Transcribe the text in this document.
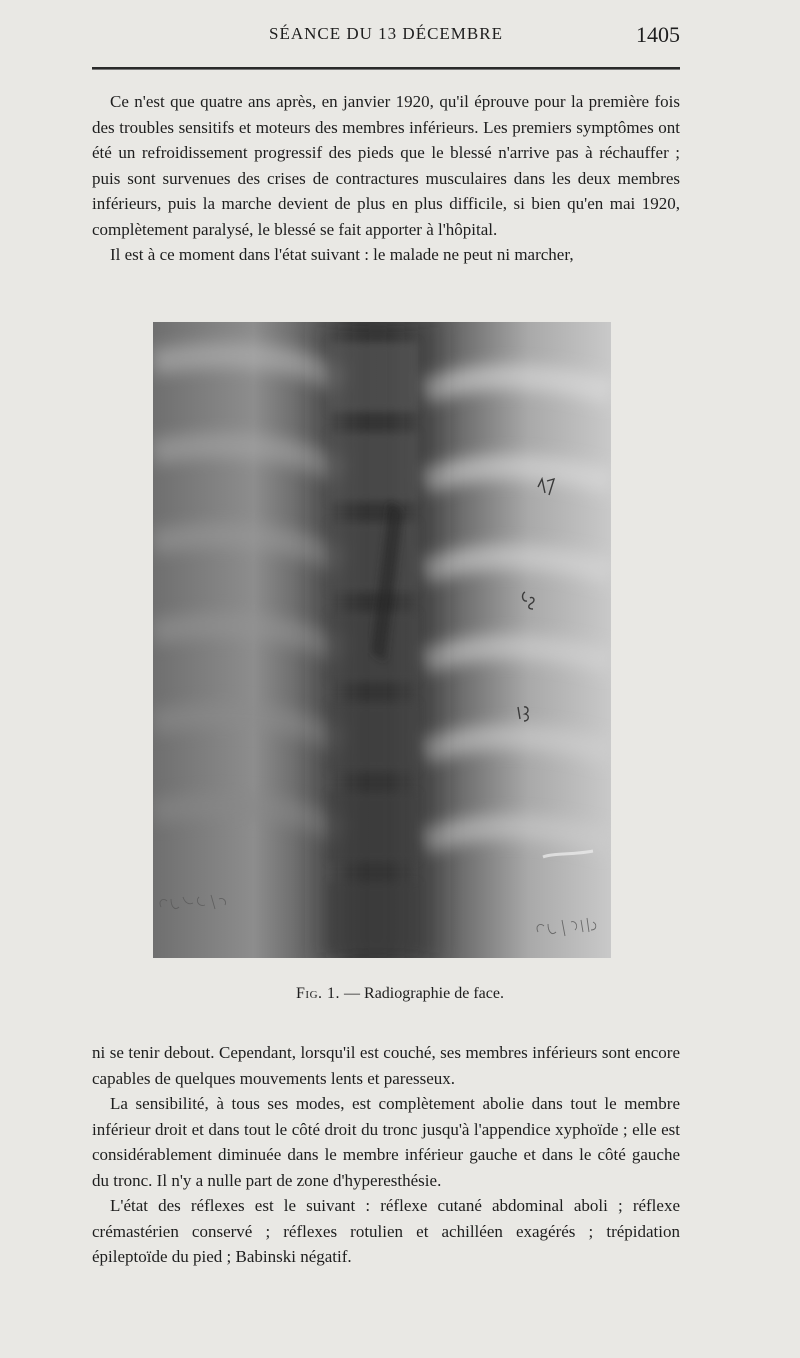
SÉANCE DU 13 DÉCEMBRE	1405

Ce n'est que quatre ans après, en janvier 1920, qu'il éprouve pour la première fois des troubles sensitifs et moteurs des membres inférieurs. Les premiers symptômes ont été un refroidissement progressif des pieds que le blessé n'arrive pas à réchauffer ; puis sont survenues des crises de contractures musculaires dans les deux membres inférieurs, puis la marche devient de plus en plus difficile, si bien qu'en mai 1920, complètement paralysé, le blessé se fait apporter à l'hôpital.

Il est à ce moment dans l'état suivant : le malade ne peut ni marcher,

Fig. 1. — Radiographie de face.

ni se tenir debout. Cependant, lorsqu'il est couché, ses membres inférieurs sont encore capables de quelques mouvements lents et paresseux.

La sensibilité, à tous ses modes, est complètement abolie dans tout le membre inférieur droit et dans tout le côté droit du tronc jusqu'à l'appendice xyphoïde ; elle est considérablement diminuée dans le membre inférieur gauche et dans le côté gauche du tronc. Il n'y a nulle part de zone d'hyperesthésie.

L'état des réflexes est le suivant : réflexe cutané abdominal aboli ; réflexe crémastérien conservé ; réflexes rotulien et achilléen exagérés ; trépidation épileptoïde du pied ; Babinski négatif.
